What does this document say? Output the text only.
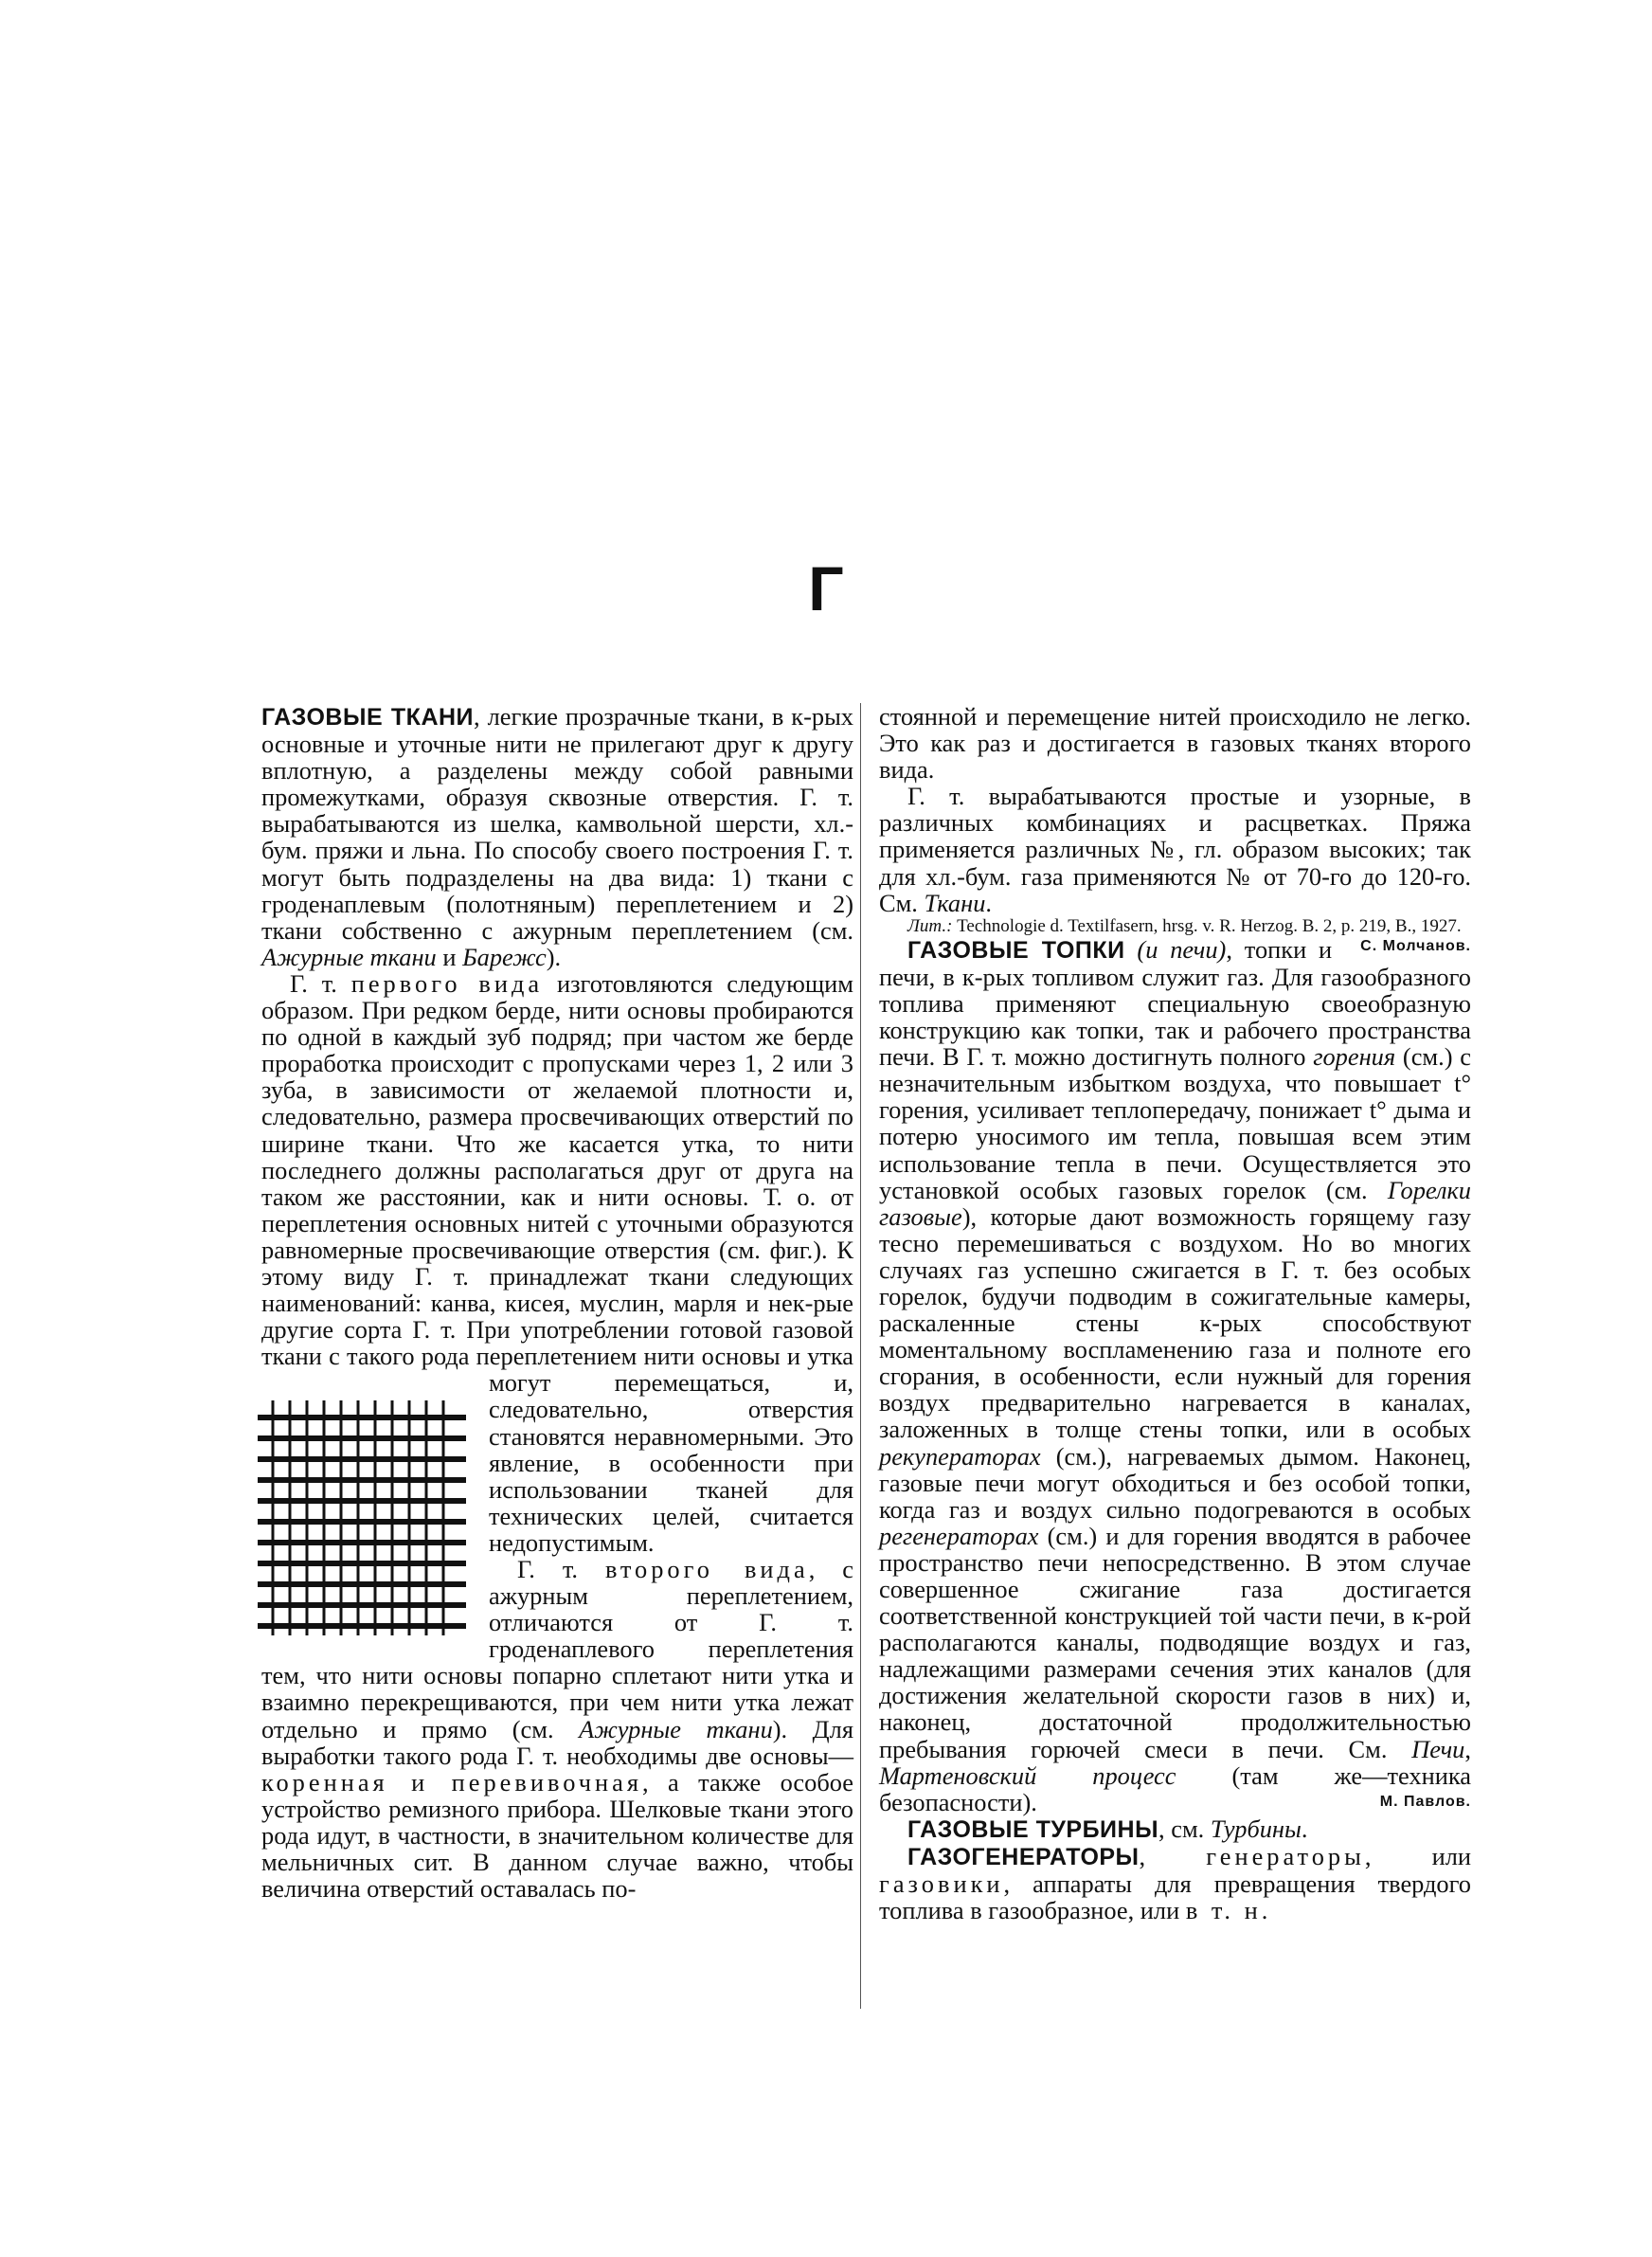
Г

ГАЗОВЫЕ ТКАНИ, легкие прозрачные ткани, в к-рых основные и уточные нити не прилегают друг к другу вплотную, а разделены между собой равными промежутками, образуя сквозные отверстия. Г. т. вырабатываются из шелка, камвольной шерсти, хл.-бум. пряжи и льна. По способу своего построения Г. т. могут быть подразделены на два вида: 1) ткани с гроденаплевым (полотняным) переплетением и 2) ткани собственно с ажурным переплетением (см. Ажурные ткани и Барежс).

Г. т. первого вида изготовляются следующим образом. При редком берде, нити основы пробираются по одной в каждый зуб подряд; при частом же берде проработка происходит с пропусками через 1, 2 или 3 зуба, в зависимости от желаемой плотности и, следовательно, размера просвечивающих отверстий по ширине ткани. Что же касается утка, то нити последнего должны располагаться друг от друга на таком же расстоянии, как и нити основы. Т. о. от переплетения основных нитей с уточными образуются равномерные просвечивающие отверстия (см. фиг.). К этому виду Г. т. принадлежат ткани следующих наименований: канва, кисея, муслин, марля и нек-рые другие сорта Г. т. При употреблении готовой газовой ткани с такого рода переплетением нити основы и утка могут перемещаться, и, следовательно, отверстия становятся неравномерными. Это явление, в особенности при использовании тканей для технических целей, считается недопустимым.

Г. т. второго вида, с ажурным переплетением, отличаются от Г. т. гроденаплевого переплетения тем, что нити основы попарно сплетают нити утка и взаимно перекрещиваются, при чем нити утка лежат отдельно и прямо (см. Ажурные ткани). Для выработки такого рода Г. т. необходимы две основы—коренная и перевивочная, а также особое устройство ремизного прибора. Шелковые ткани этого рода идут, в частности, в значительном количестве для мельничных сит. В данном случае важно, чтобы величина отверстий оставалась по-

стоянной и перемещение нитей происходило не легко. Это как раз и достигается в газовых тканях второго вида.

Г. т. вырабатываются простые и узорные, в различных комбинациях и расцветках. Пряжа применяется различных №, гл. образом высоких; так для хл.-бум. газа применяются № от 70-го до 120-го. См. Ткани.

Лит.: Technologie d. Textilfasern, hrsg. v. R. Herzog. B. 2, p. 219, B., 1927.
С. Молчанов.

ГАЗОВЫЕ ТОПКИ (и печи), топки и печи, в к-рых топливом служит газ. Для газообразного топлива применяют специальную своеобразную конструкцию как топки, так и рабочего пространства печи. В Г. т. можно достигнуть полного горения (см.) с незначительным избытком воздуха, что повышает t° горения, усиливает теплопередачу, понижает t° дыма и потерю уносимого им тепла, повышая всем этим использование тепла в печи. Осуществляется это установкой особых газовых горелок (см. Горелки газовые), которые дают возможность горящему газу тесно перемешиваться с воздухом. Но во многих случаях газ успешно сжигается в Г. т. без особых горелок, будучи подводим в сожигательные камеры, раскаленные стены к-рых способствуют моментальному воспламенению газа и полноте его сгорания, в особенности, если нужный для горения воздух предварительно нагревается в каналах, заложенных в толще стены топки, или в особых рекуператорах (см.), нагреваемых дымом. Наконец, газовые печи могут обходиться и без особой топки, когда газ и воздух сильно подогреваются в особых регенераторах (см.) и для горения вводятся в рабочее пространство печи непосредственно. В этом случае совершенное сжигание газа достигается соответственной конструкцией той части печи, в к-рой располагаются каналы, подводящие воздух и газ, надлежащими размерами сечения этих каналов (для достижения желательной скорости газов в них) и, наконец, достаточной продолжительностью пребывания горючей смеси в печи. См. Печи, Мартеновский процесс (там же—техника безопасности).	М. Павлов.

ГАЗОВЫЕ ТУРБИНЫ, см. Турбины.

ГАЗОГЕНЕРАТОРЫ, генераторы, или газовики, аппараты для превращения твердого топлива в газообразное, или в т. н.
